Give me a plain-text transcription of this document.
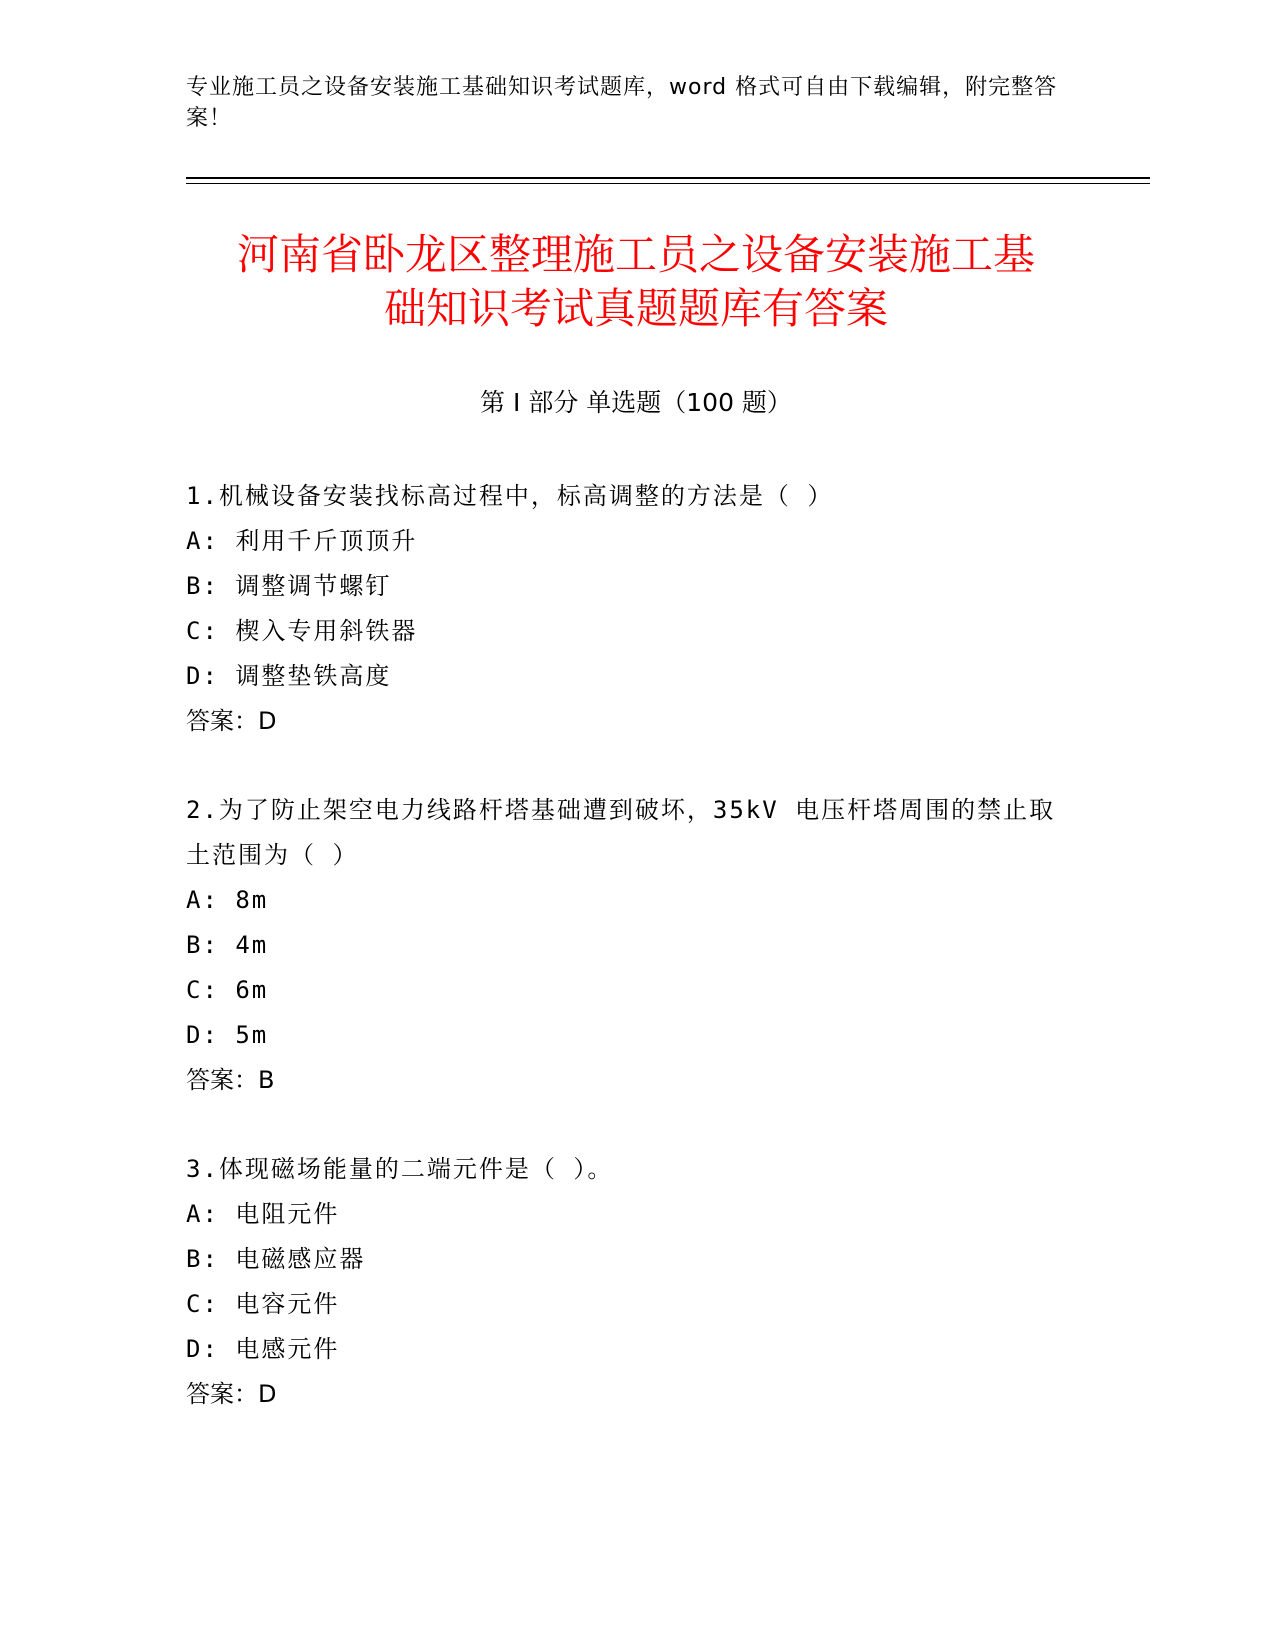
专业施工员之设备安装施工基础知识考试题库，word 格式可自由下载编辑，附完整答案！
河南省卧龙区整理施工员之设备安装施工基
础知识考试真题题库有答案
第 I 部分 单选题（100 题）
1.机械设备安装找标高过程中，标高调整的方法是（ ）
A: 利用千斤顶顶升
B: 调整调节螺钉
C: 楔入专用斜铁器
D: 调整垫铁高度
答案：D
2.为了防止架空电力线路杆塔基础遭到破坏，35kV 电压杆塔周围的禁止取土范围为（ ）
A: 8m
B: 4m
C: 6m
D: 5m
答案：B
3.体现磁场能量的二端元件是（ ）。
A: 电阻元件
B: 电磁感应器
C: 电容元件
D: 电感元件
答案：D
